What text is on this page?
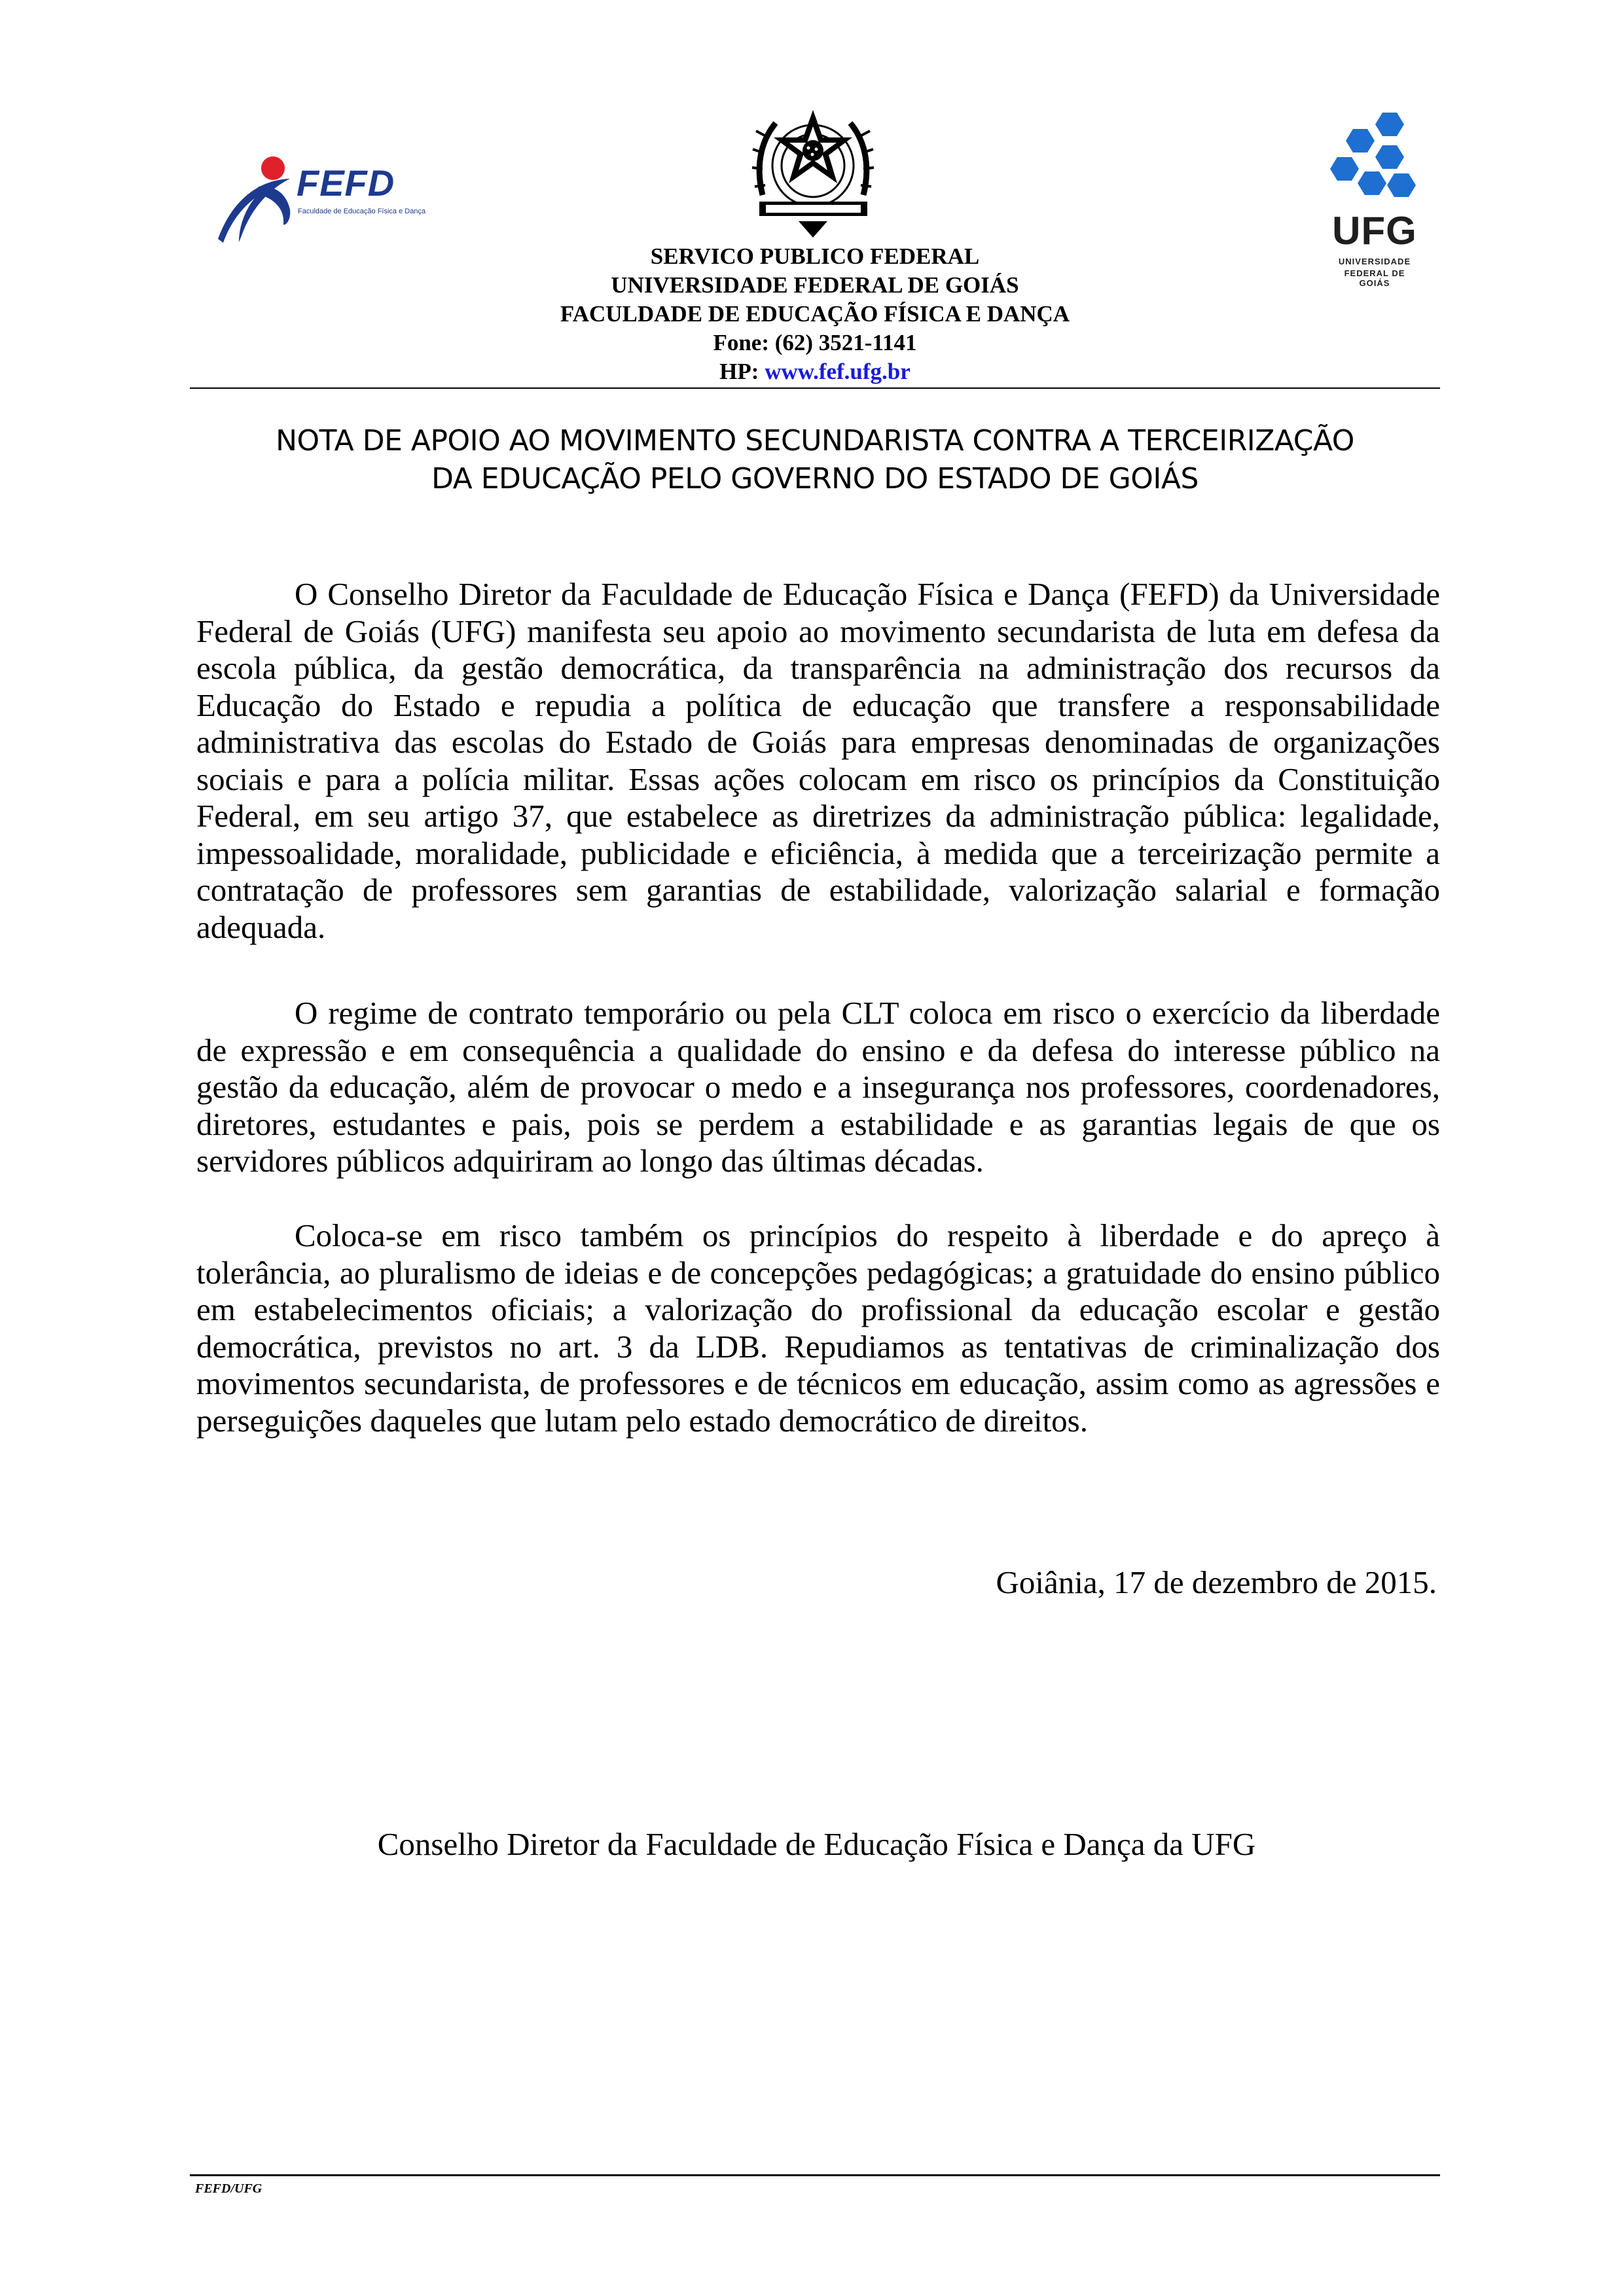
FEFD
Faculdade de Educação Física e Dança	UFG
UNIVERSIDADE
FEDERAL DE GOIÁS
SERVICO PUBLICO FEDERAL
UNIVERSIDADE FEDERAL DE GOIÁS
FACULDADE DE EDUCAÇÃO FÍSICA E DANÇA
Fone: (62) 3521-1141
HP: www.fef.ufg.br
NOTA DE APOIO AO MOVIMENTO SECUNDARISTA CONTRA A TERCEIRIZAÇÃO
DA EDUCAÇÃO PELO GOVERNO DO ESTADO DE GOIÁS

O Conselho Diretor da Faculdade de Educação Física e Dança (FEFD) da Universidade Federal de Goiás (UFG) manifesta seu apoio ao movimento secundarista de luta em defesa da escola pública, da gestão democrática, da transparência na administração dos recursos da Educação do Estado e repudia a política de educação que transfere a responsabilidade administrativa das escolas do Estado de Goiás para empresas denominadas de organizações sociais e para a polícia militar. Essas ações colocam em risco os princípios da Constituição Federal, em seu artigo 37, que estabelece as diretrizes da administração pública: legalidade, impessoalidade, moralidade, publicidade e eficiência, à medida que a terceirização permite a contratação de professores sem garantias de estabilidade, valorização salarial e formação adequada.

O regime de contrato temporário ou pela CLT coloca em risco o exercício da liberdade de expressão e em consequência a qualidade do ensino e da defesa do interesse público na gestão da educação, além de provocar o medo e a insegurança nos professores, coordenadores, diretores, estudantes e pais, pois se perdem a estabilidade e as garantias legais de que os servidores públicos adquiriram ao longo das últimas décadas.

Coloca-se em risco também os princípios do respeito à liberdade e do apreço à tolerância, ao pluralismo de ideias e de concepções pedagógicas; a gratuidade do ensino público em estabelecimentos oficiais; a valorização do profissional da educação escolar e gestão democrática, previstos no art. 3 da LDB. Repudiamos as tentativas de criminalização dos movimentos secundarista, de professores e de técnicos em educação, assim como as agressões e perseguições daqueles que lutam pelo estado democrático de direitos.

Goiânia, 17 de dezembro de 2015.
Conselho Diretor da Faculdade de Educação Física e Dança da UFG
FEFD/UFG
